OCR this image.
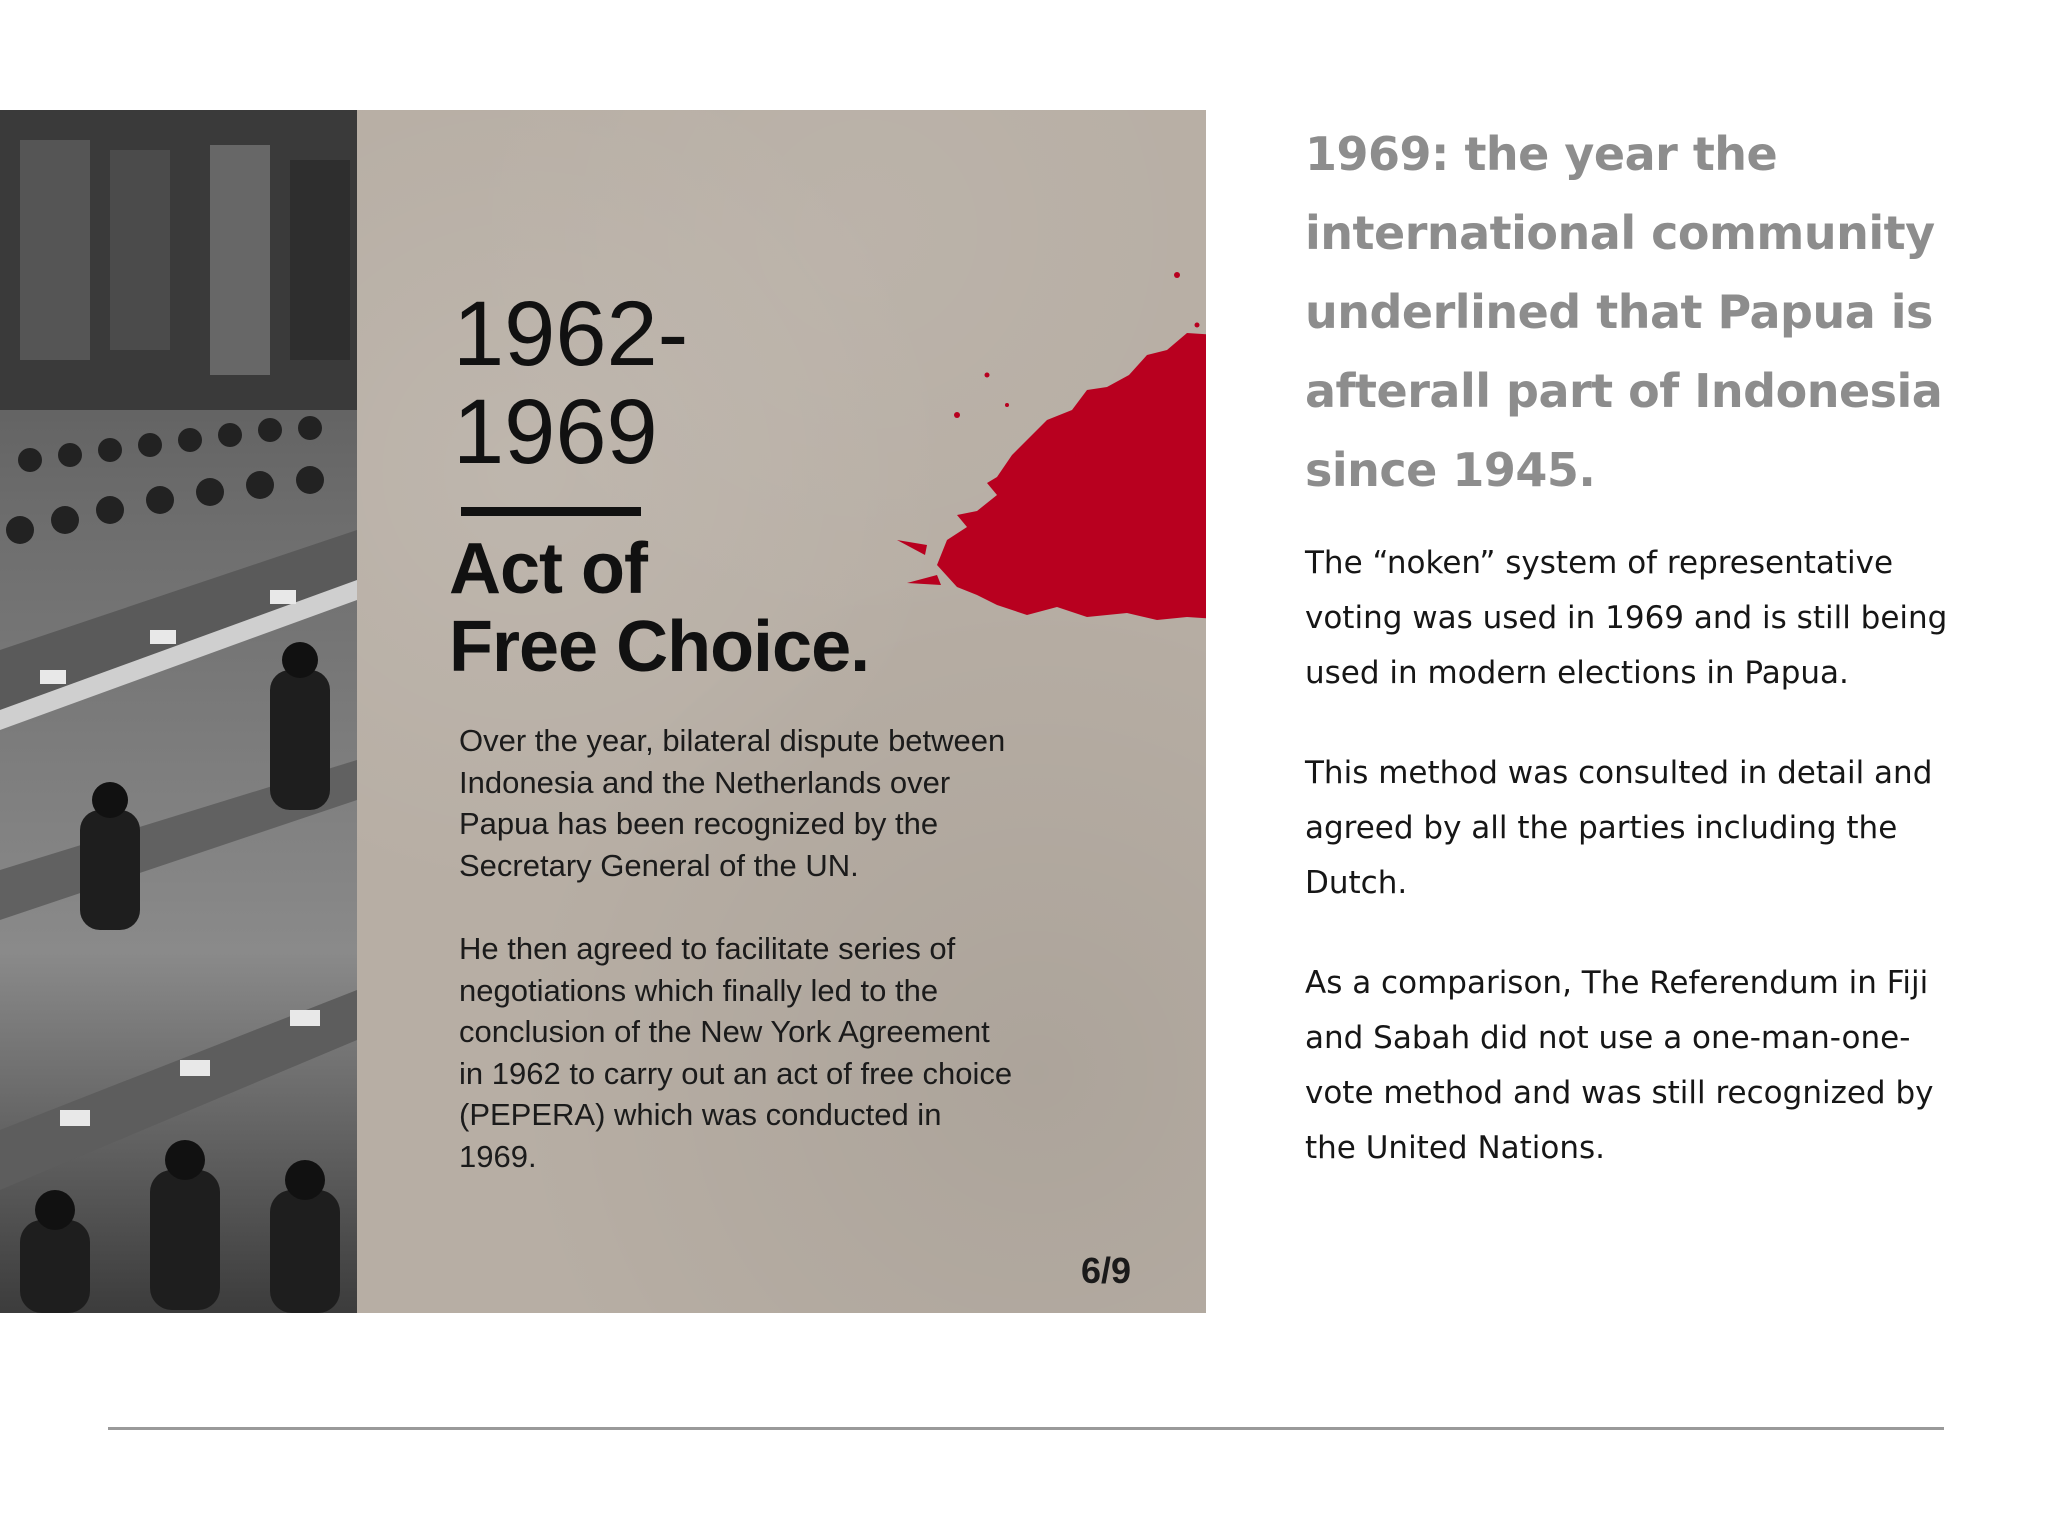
1962-
1969
Act of
Free Choice.

Over the year, bilateral dispute between Indonesia and the Netherlands over Papua has been recognized by the Secretary General of the UN.

He then agreed to facilitate series of negotiations which finally led to the conclusion of the New York Agreement in 1962 to carry out an act of free choice (PEPERA) which was conducted in 1969.

6/9
1969: the year the international community underlined that Papua is afterall part of Indonesia since 1945.

The “noken” system of representative voting was used in 1969 and is still being used in modern elections in Papua.

This method was consulted in detail and agreed by all the parties including the Dutch.

As a comparison, The Referendum in Fiji and Sabah did not use a one-man-one-vote method and was still recognized by the United Nations.
